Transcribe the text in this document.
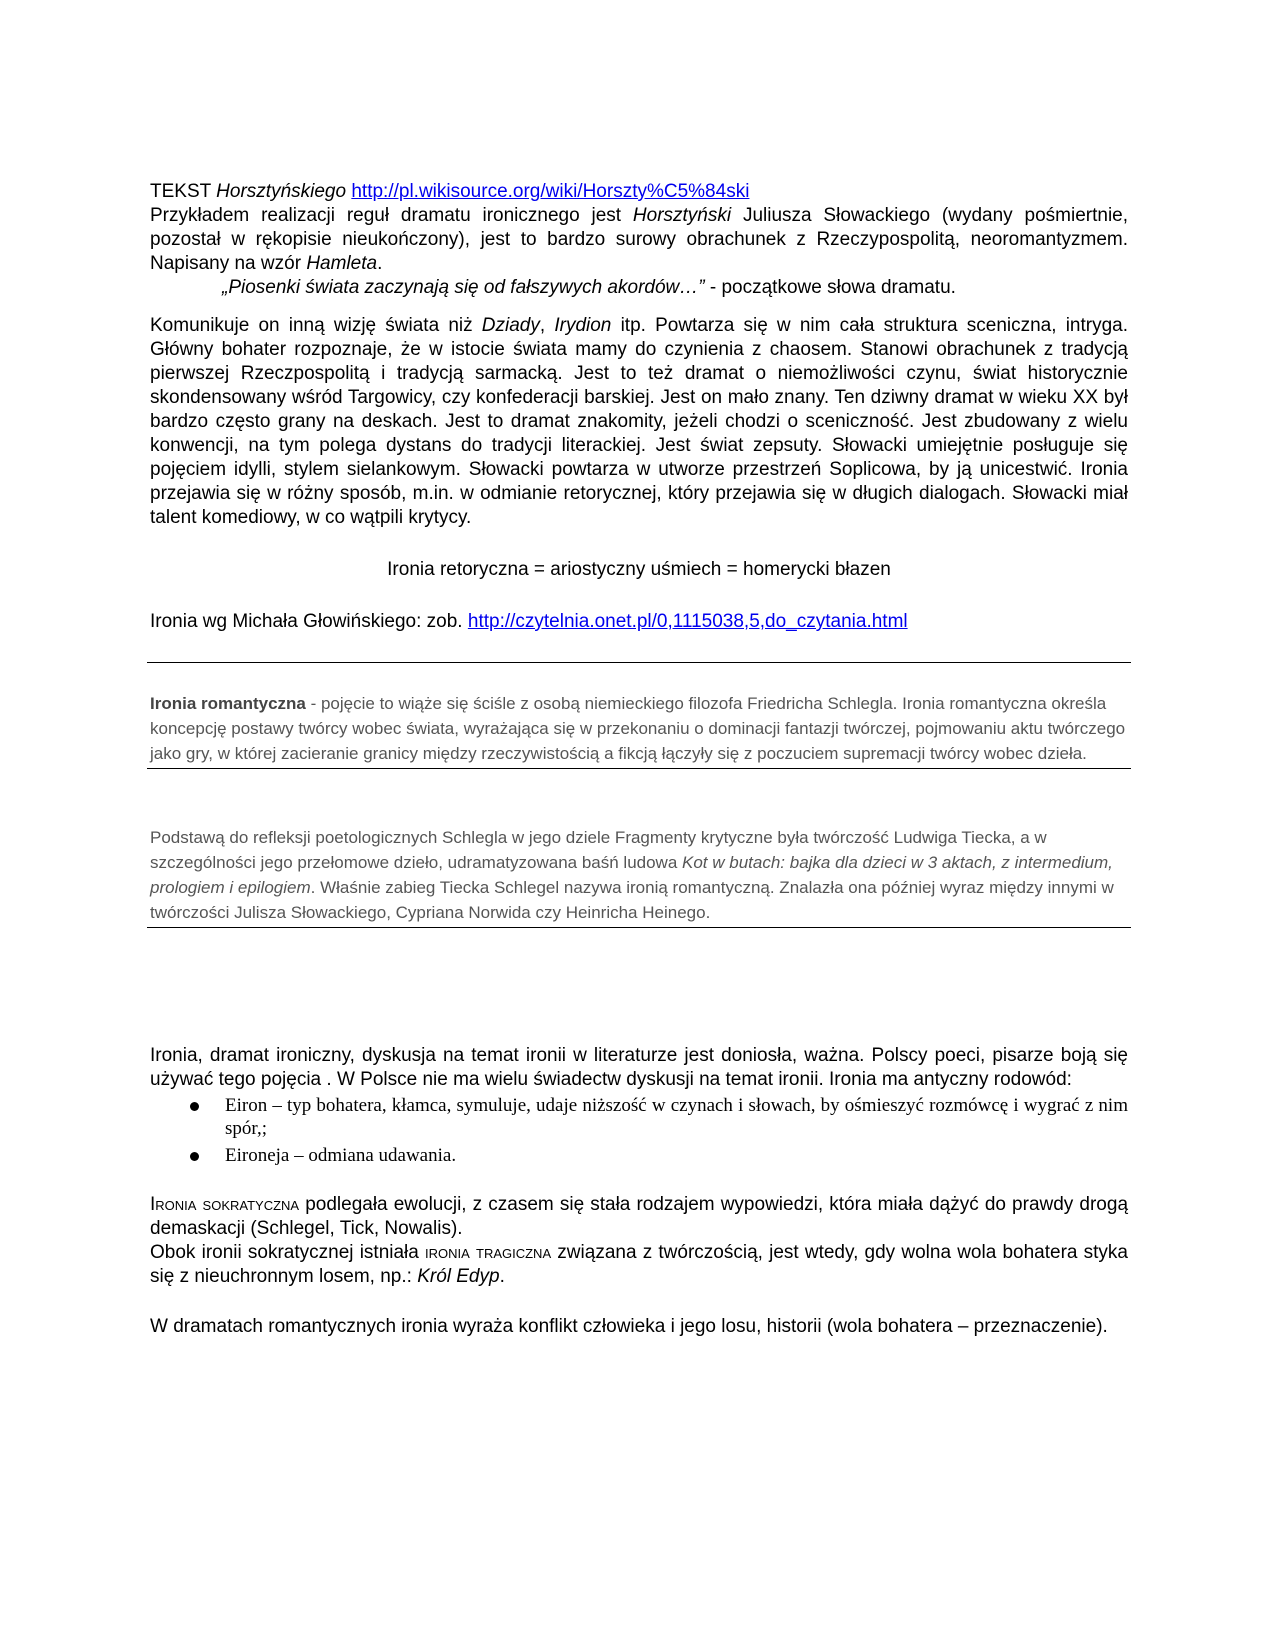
TEKST Horsztyńskiego http://pl.wikisource.org/wiki/Horszty%C5%84ski

Przykładem realizacji reguł dramatu ironicznego jest Horsztyński Juliusza Słowackiego (wydany pośmiertnie, pozostał w rękopisie nieukończony), jest to bardzo surowy obrachunek z Rzeczypospolitą, neoromantyzmem. Napisany na wzór Hamleta.

„Piosenki świata zaczynają się od fałszywych akordów…” - początkowe słowa dramatu.

Komunikuje on inną wizję świata niż Dziady, Irydion itp. Powtarza się w nim cała struktura sceniczna, intryga. Główny bohater rozpoznaje, że w istocie świata mamy do czynienia z chaosem. Stanowi obrachunek z tradycją pierwszej Rzeczpospolitą i tradycją sarmacką. Jest to też dramat o niemożliwości czynu, świat historycznie skondensowany wśród Targowicy, czy konfederacji barskiej. Jest on mało znany. Ten dziwny dramat w wieku XX był bardzo często grany na deskach. Jest to dramat znakomity, jeżeli chodzi o sceniczność. Jest zbudowany z wielu konwencji, na tym polega dystans do tradycji literackiej. Jest świat zepsuty. Słowacki umiejętnie posługuje się pojęciem idylli, stylem sielankowym. Słowacki powtarza w utworze przestrzeń Soplicowa, by ją unicestwić. Ironia przejawia się w różny sposób, m.in. w odmianie retorycznej, który przejawia się w długich dialogach. Słowacki miał talent komediowy, w co wątpili krytycy.

Ironia retoryczna = ariostyczny uśmiech = homerycki błazen

Ironia wg Michała Głowińskiego: zob. http://czytelnia.onet.pl/0,1115038,5,do_czytania.html

Ironia romantyczna - pojęcie to wiąże się ściśle z osobą niemieckiego filozofa Friedricha Schlegla. Ironia romantyczna określa koncepcję postawy twórcy wobec świata, wyrażająca się w przekonaniu o dominacji fantazji twórczej, pojmowaniu aktu twórczego jako gry, w której zacieranie granicy między rzeczywistością a fikcją łączyły się z poczuciem supremacji twórcy wobec dzieła.

Podstawą do refleksji poetologicznych Schlegla w jego dziele Fragmenty krytyczne była twórczość Ludwiga Tiecka, a w szczególności jego przełomowe dzieło, udramatyzowana baśń ludowa Kot w butach: bajka dla dzieci w 3 aktach, z intermedium, prologiem i epilogiem. Właśnie zabieg Tiecka Schlegel nazywa ironią romantyczną. Znalazła ona później wyraz między innymi w twórczości Julisza Słowackiego, Cypriana Norwida czy Heinricha Heinego.

Ironia, dramat ironiczny, dyskusja na temat ironii w literaturze jest doniosła, ważna. Polscy poeci, pisarze boją się używać tego pojęcia . W Polsce nie ma wielu świadectw dyskusji na temat ironii. Ironia ma antyczny rodowód:

Eiron – typ bohatera, kłamca, symuluje, udaje niższość w czynach i słowach, by ośmieszyć rozmówcę i wygrać z nim spór,;
Eironeja – odmiana udawania.

Ironia sokratyczna podlegała ewolucji, z czasem się stała rodzajem wypowiedzi, która miała dążyć do prawdy drogą demaskacji (Schlegel, Tick, Nowalis).

Obok ironii sokratycznej istniała ironia tragiczna związana z twórczością, jest wtedy, gdy wolna wola bohatera styka się z nieuchronnym losem, np.: Król Edyp.

W dramatach romantycznych ironia wyraża konflikt człowieka i jego losu, historii (wola bohatera – przeznaczenie).
